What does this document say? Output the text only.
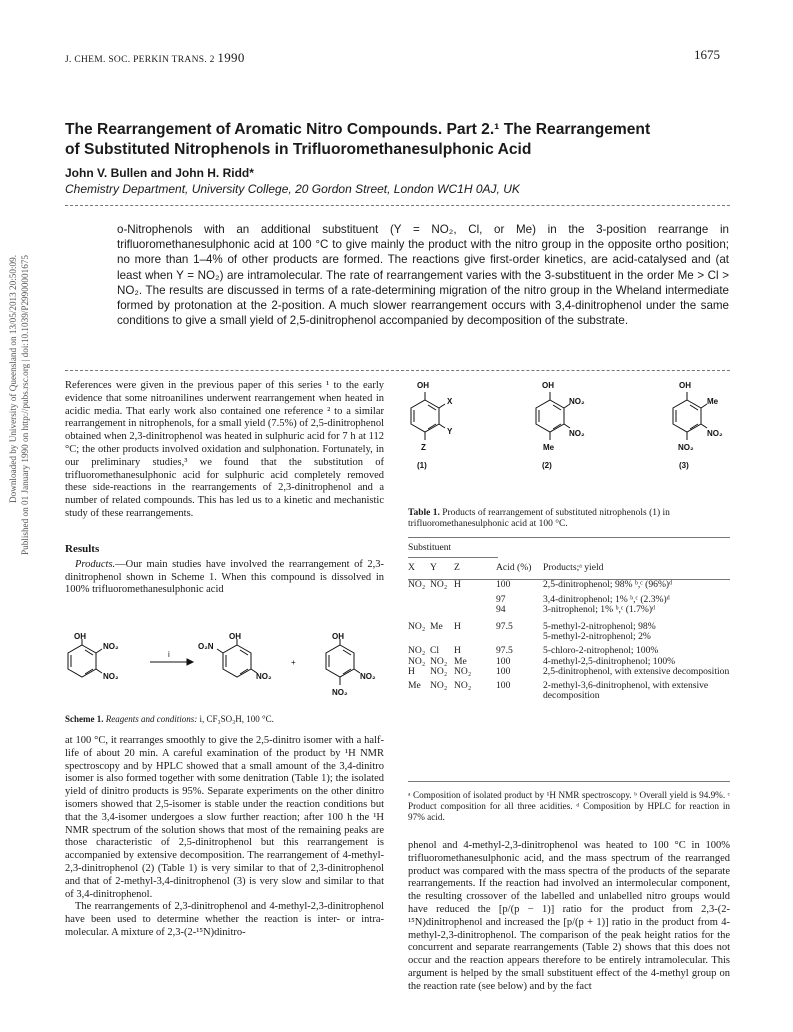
Downloaded by University of Queensland on 13/05/2013 20:50:09. Published on 01 January 1990 on http://pubs.rsc.org | doi:10.1039/P29900001675
J. CHEM. SOC. PERKIN TRANS. 2 1990	1675
The Rearrangement of Aromatic Nitro Compounds. Part 2.¹ The Rearrangement
of Substituted Nitrophenols in Trifluoromethanesulphonic Acid
John V. Bullen and John H. Ridd*
Chemistry Department, University College, 20 Gordon Street, London WC1H 0AJ, UK

o-Nitrophenols with an additional substituent (Y = NO₂, Cl, or Me) in the 3-position rearrange in trifluoromethanesulphonic acid at 100 °C to give mainly the product with the nitro group in the opposite ortho position; no more than 1–4% of other products are formed. The reactions give first-order kinetics, are acid-catalysed and (at least when Y = NO₂) are intramolecular. The rate of rearrangement varies with the 3-substituent in the order Me > Cl > NO₂. The results are discussed in terms of a rate-determining migration of the nitro group in the Wheland intermediate formed by protonation at the 2-position. A much slower rearrangement occurs with 3,4-dinitrophenol under the same conditions to give a small yield of 2,5-dinitrophenol accompanied by decomposition of the substrate.

References were given in the previous paper of this series ¹ to the early evidence that some nitroanilines underwent rearrangement when heated in acidic media. That early work also contained one reference ² to a similar rearrangement in nitrophenols, for a small yield (7.5%) of 2,5-dinitrophenol obtained when 2,3-dinitrophenol was heated in sulphuric acid for 7 h at 112 °C; the other products involved oxidation and sulphonation. Fortunately, in our preliminary studies,³ we found that the substitution of trifluoromethanesulphonic acid for sulphuric acid completely removed these side-reactions in the rearrangements of 2,3-dinitrophenol and a number of related compounds. This has led us to a kinetic and mechanistic study of these rearrangements.

Results

Products.—Our main studies have involved the rearrangement of 2,3-dinitrophenol shown in Scheme 1. When this compound is dissolved in 100% trifluoromethanesulphonic acid

OH
NO₂
NO₂
i
OH
O₂N
NO₂
+
OH
NO₂
NO₂
Scheme 1. Reagents and conditions: i, CF₃SO₃H, 100 °C.

at 100 °C, it rearranges smoothly to give the 2,5-dinitro isomer with a half-life of about 20 min. A careful examination of the product by ¹H NMR spectroscopy and by HPLC showed that a small amount of the 3,4-dinitro isomer is also formed together with some denitration (Table 1); the isolated yield of dinitro products is 95%. Separate experiments on the other dinitro isomers showed that 2,5-isomer is stable under the reaction conditions but that the 3,4-isomer undergoes a slow further reaction; after 100 h the ¹H NMR spectrum of the solution shows that most of the remaining peaks are those characteristic of 2,5-dinitrophenol but this rearrangement is accompanied by extensive decomposition. The rearrangement of 4-methyl-2,3-dinitrophenol (2) (Table 1) is very similar to that of 2,3-dinitrophenol and that of 2-methyl-3,4-dinitrophenol (3) is very slow and similar to that of 3,4-dinitrophenol.

The rearrangements of 2,3-dinitrophenol and 4-methyl-2,3-dinitrophenol have been used to determine whether the reaction is inter- or intra-molecular. A mixture of 2,3-(2-¹⁵N)dinitro-

OH
X
Y
Z
(1)
OH
NO₂
NO₂
Me
(2)
OH
Me
NO₂
NO₂
(3)
Table 1. Products of rearrangement of substituted nitrophenols (1) in trifluoromethanesulphonic acid at 100 °C.
Substituent
X	Y	Z	Acid (%)	Products;ᵃ yield

NO₂	NO₂	H	100	2,5-dinitrophenol; 98% ᵇ,ᶜ (96%)ᵈ
			97	3,4-dinitrophenol; 1% ᵇ,ᶜ (2.3%)ᵈ
			94	3-nitrophenol; 1% ᵇ,ᶜ (1.7%)ᵈ
NO₂	Me	H	97.5	5-methyl-2-nitrophenol; 98%
				5-methyl-2-nitrophenol; 2%
NO₂	Cl	H	97.5	5-chloro-2-nitrophenol; 100%
NO₂	NO₂	Me	100	4-methyl-2,5-dinitrophenol; 100%
H	NO₂	NO₂	100	2,5-dinitrophenol, with extensive decomposition
Me	NO₂	NO₂	100	2-methyl-3,6-dinitrophenol, with extensive decomposition
ᵃ Composition of isolated product by ¹H NMR spectroscopy. ᵇ Overall yield is 94.9%. ᶜ Product composition for all three acidities. ᵈ Composition by HPLC for reaction in 97% acid.

phenol and 4-methyl-2,3-dinitrophenol was heated to 100 °C in 100% trifluoromethanesulphonic acid, and the mass spectrum of the rearranged product was compared with the mass spectra of the products of the separate rearrangements. If the reaction had involved an intermolecular component, the resulting crossover of the labelled and unlabelled nitro groups would have reduced the [p/(p − 1)] ratio for the product from 2,3-(2-¹⁵N)dinitrophenol and increased the [p/(p + 1)] ratio in the product from 4-methyl-2,3-dinitrophenol. The comparison of the peak height ratios for the concurrent and separate rearrangements (Table 2) shows that this does not occur and the reaction appears therefore to be entirely intramolecular. This argument is helped by the small substituent effect of the 4-methyl group on the reaction rate (see below) and by the fact
